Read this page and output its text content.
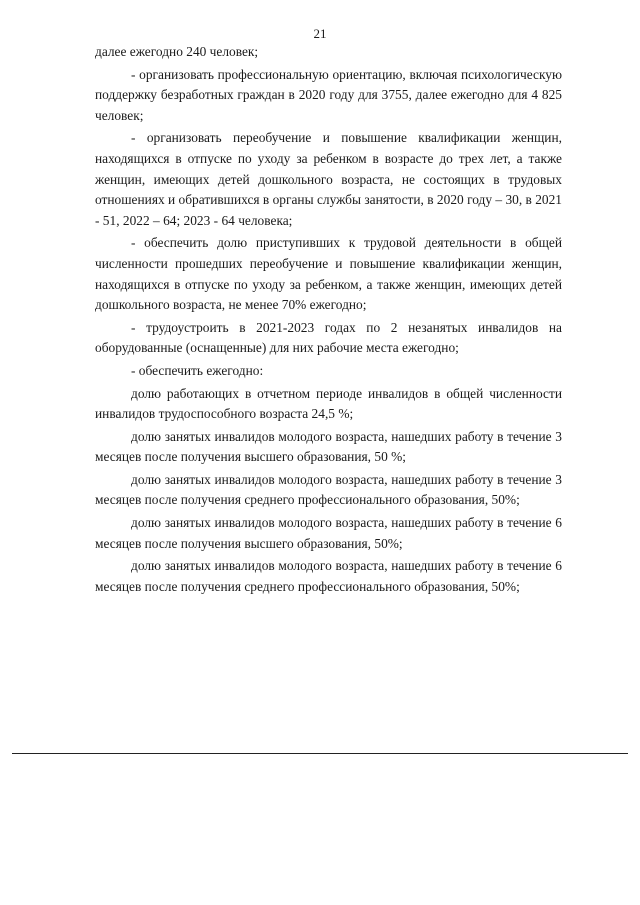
21

далее ежегодно 240 человек;

- организовать профессиональную ориентацию, включая психологическую поддержку безработных граждан в 2020 году для 3755, далее ежегодно для 4 825 человек;

- организовать переобучение и повышение квалификации женщин, находящихся в отпуске по уходу за ребенком в возрасте до трех лет, а также женщин, имеющих детей дошкольного возраста, не состоящих в трудовых отношениях и обратившихся в органы службы занятости, в 2020 году – 30, в 2021 - 51, 2022 – 64; 2023 - 64 человека;

- обеспечить долю приступивших к трудовой деятельности в общей численности прошедших переобучение и повышение квалификации женщин, находящихся в отпуске по уходу за ребенком, а также женщин, имеющих детей дошкольного возраста, не менее 70% ежегодно;

- трудоустроить в 2021-2023 годах по 2 незанятых инвалидов на оборудованные (оснащенные) для них рабочие места ежегодно;

- обеспечить ежегодно:

долю работающих в отчетном периоде инвалидов в общей численности инвалидов трудоспособного возраста 24,5 %;

долю занятых инвалидов молодого возраста, нашедших работу в течение 3 месяцев после получения высшего образования, 50 %;

долю занятых инвалидов молодого возраста, нашедших работу в течение 3 месяцев после получения среднего профессионального образования, 50%;

долю занятых инвалидов молодого возраста, нашедших работу в течение 6 месяцев после получения высшего образования, 50%;

долю занятых инвалидов молодого возраста, нашедших работу в течение 6 месяцев после получения среднего профессионального образования, 50%;
